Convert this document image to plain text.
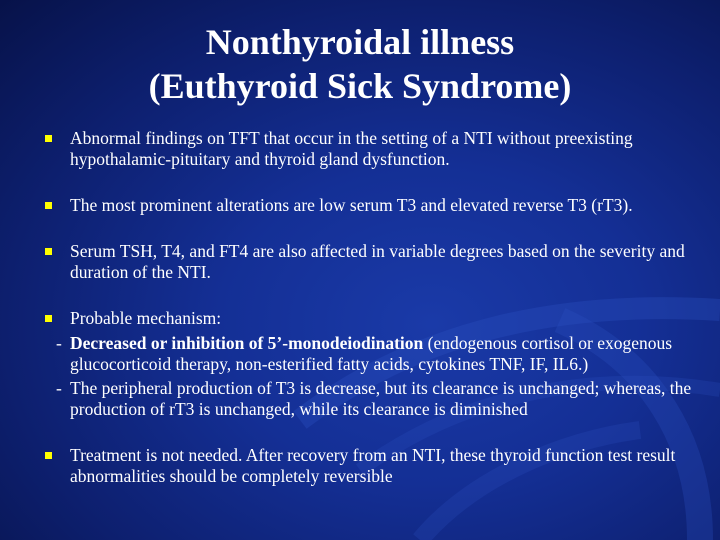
Nonthyroidal illness
(Euthyroid Sick Syndrome)
Abnormal findings on TFT that occur in the setting of a NTI without preexisting hypothalamic-pituitary and thyroid gland dysfunction.
The most prominent alterations are low serum T3 and elevated reverse T3 (rT3).
Serum TSH, T4, and FT4 are also affected in variable degrees based on the severity and duration of the NTI.
Probable mechanism:
- Decreased or inhibition of 5’-monodeiodination (endogenous cortisol or exogenous glucocorticoid therapy, non-esterified fatty acids, cytokines TNF, IF, IL6.)
- The peripheral production of T3 is decrease, but its clearance is unchanged; whereas, the production of rT3 is unchanged, while its clearance is diminished
Treatment is not needed. After recovery from an NTI, these thyroid function test result abnormalities should be completely reversible
